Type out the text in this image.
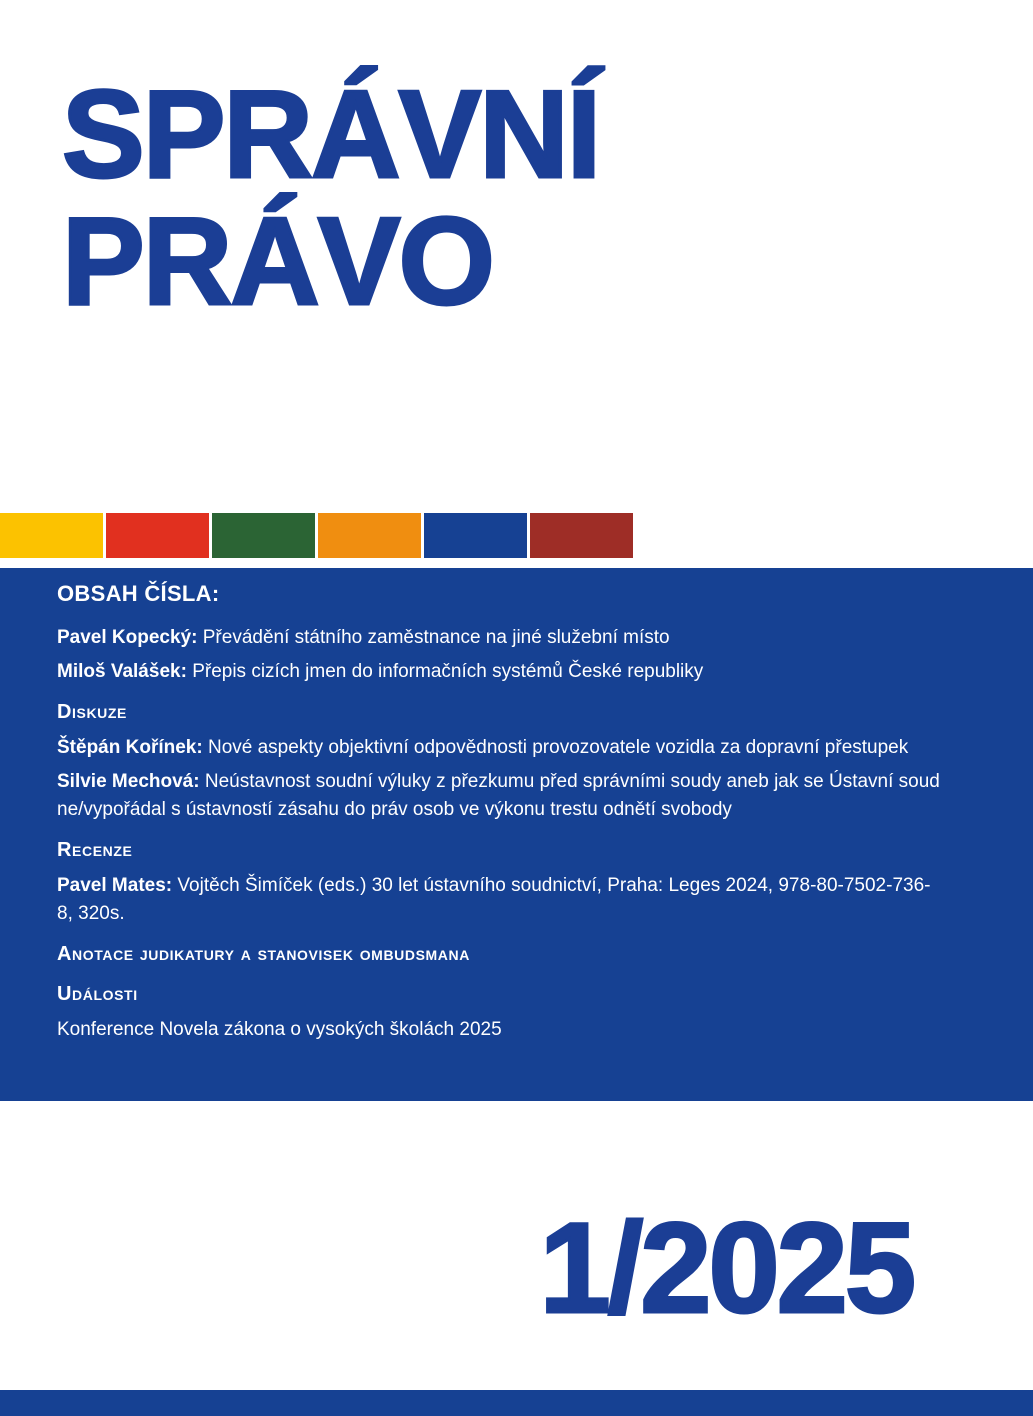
SPRÁVNÍ
PRÁVO
OBSAH ČÍSLA:

Pavel Kopecký: Převádění státního zaměstnance na jiné služební místo

Miloš Valášek: Přepis cizích jmen do informačních systémů České republiky

Diskuze

Štěpán Kořínek: Nové aspekty objektivní odpovědnosti provozovatele vozidla za dopravní přestupek

Silvie Mechová: Neústavnost soudní výluky z přezkumu před správními soudy aneb jak se Ústavní soud ne/vypořádal s ústavností zásahu do práv osob ve výkonu trestu odnětí svobody

Recenze

Pavel Mates: Vojtěch Šimíček (eds.) 30 let ústavního soudnictví, Praha: Leges 2024, 978-80-7502-736-8, 320s.

Anotace judikatury a stanovisek ombudsmana
Události

Konference Novela zákona o vysokých školách 2025

1/2025
